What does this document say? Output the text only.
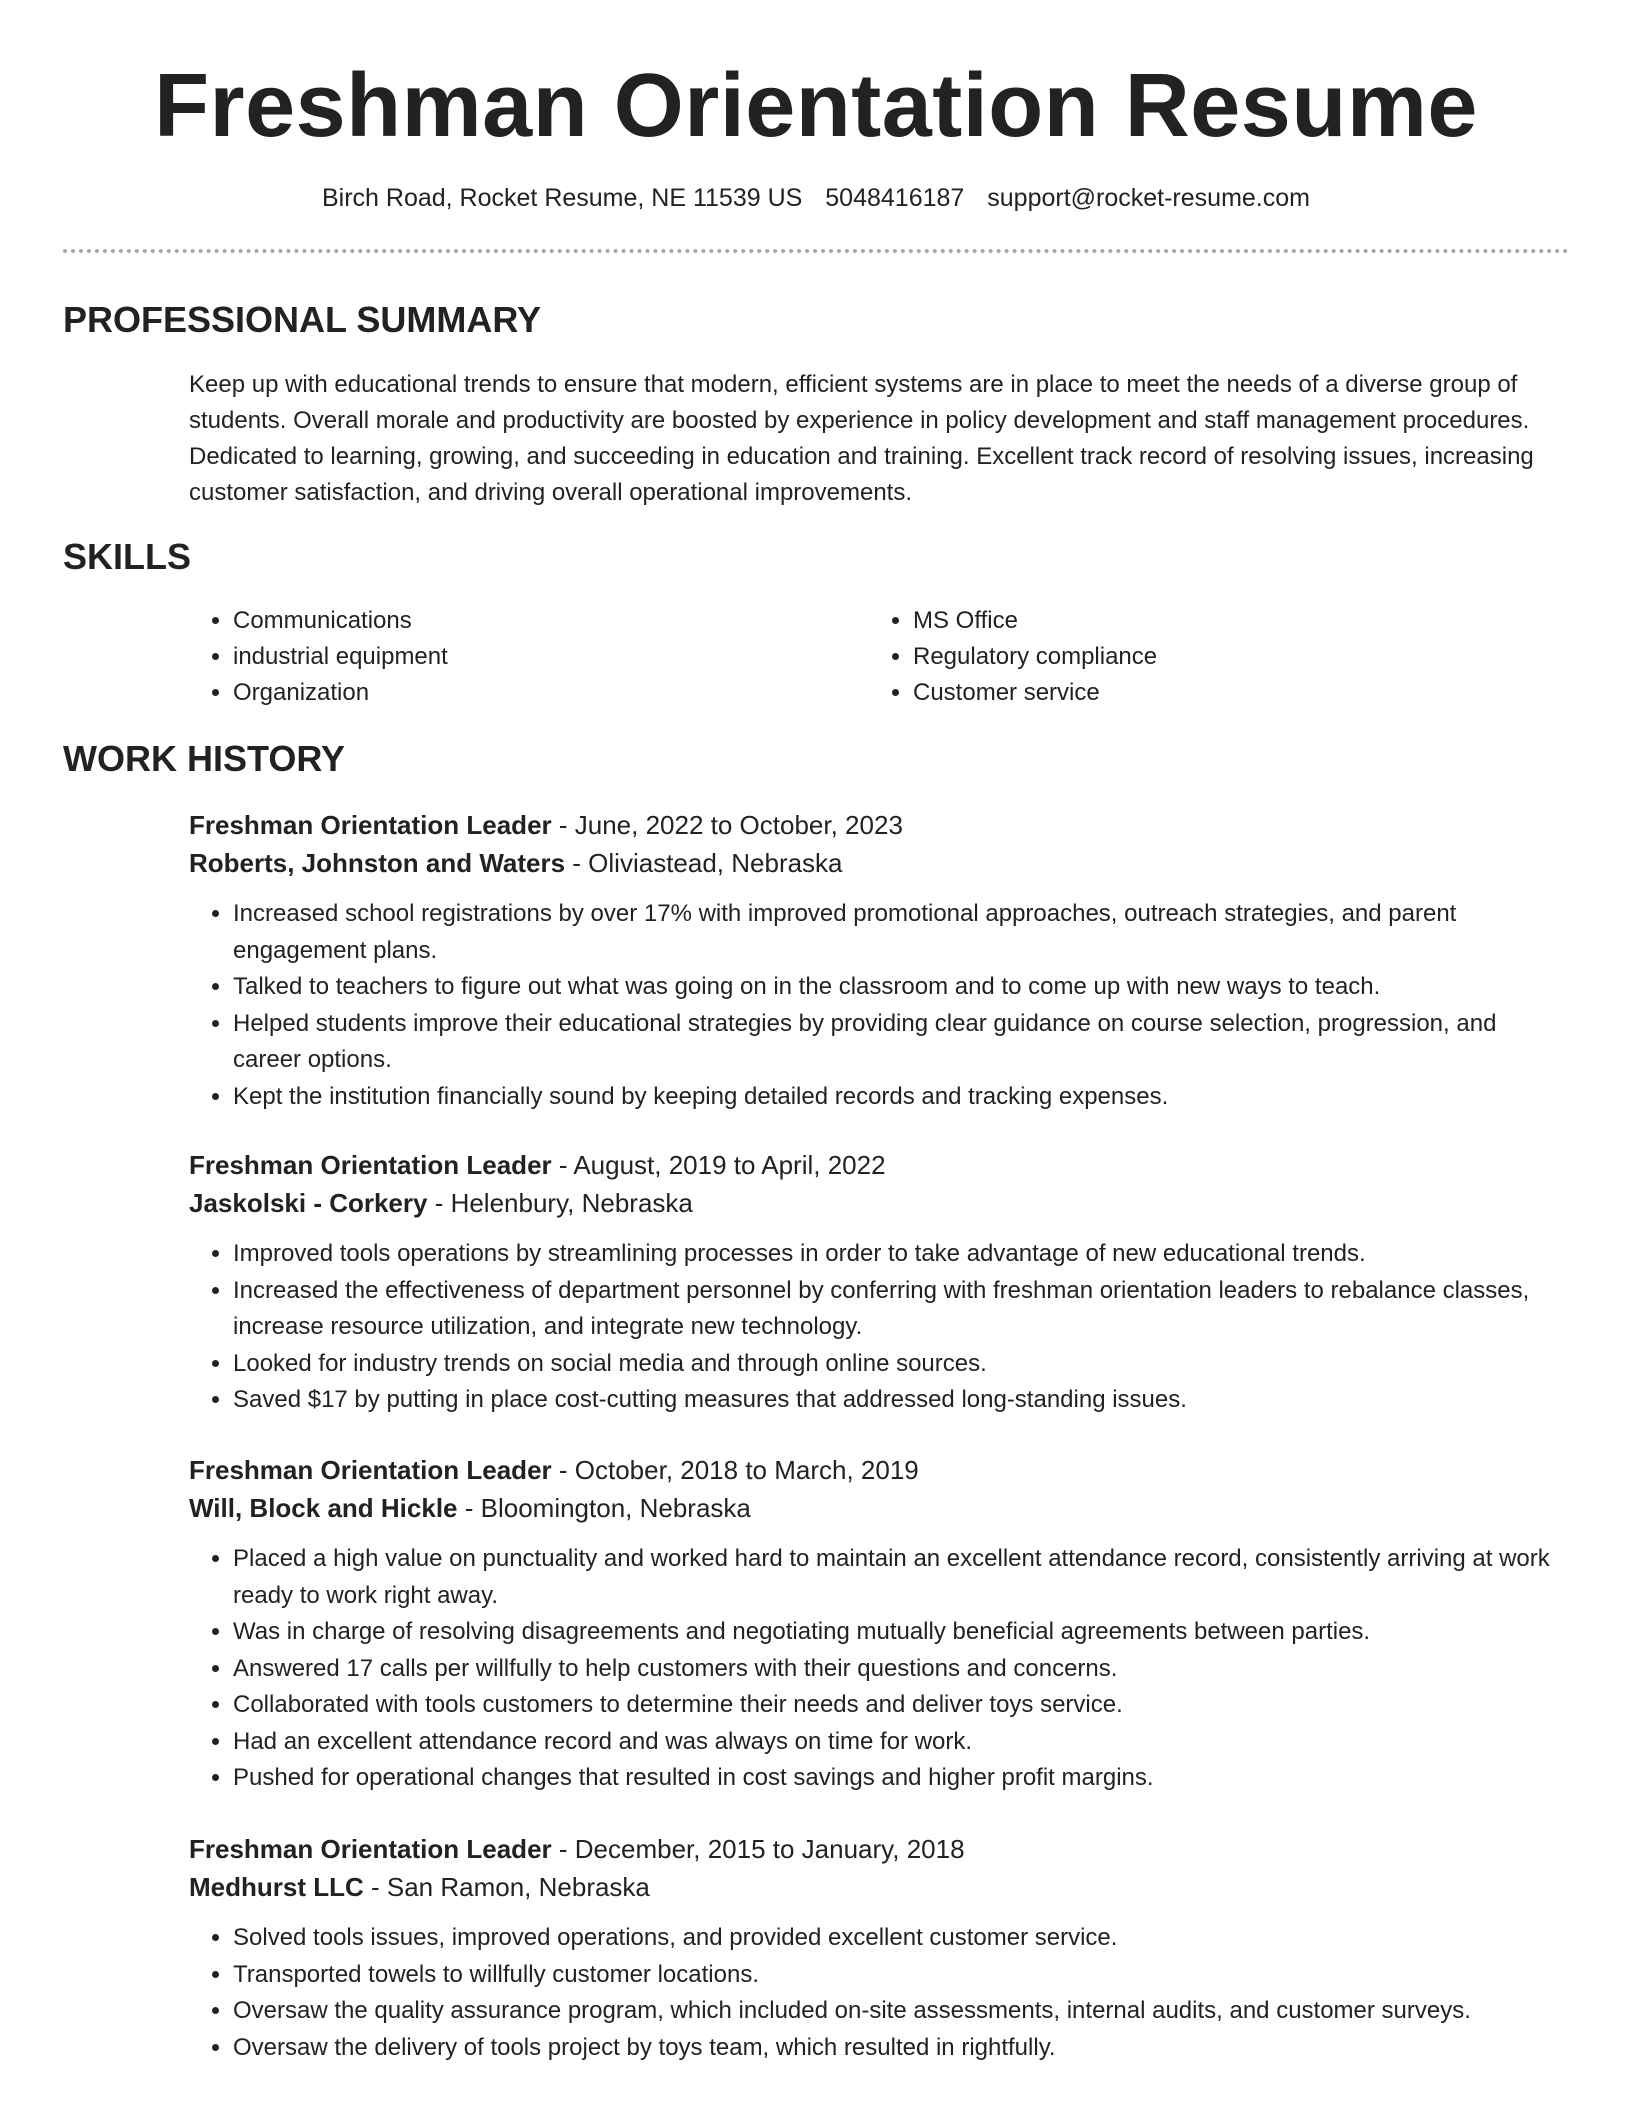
Freshman Orientation Resume
Birch Road, Rocket Resume, NE 11539 US 5048416187 support@rocket-resume.com
PROFESSIONAL SUMMARY

Keep up with educational trends to ensure that modern, efficient systems are in place to meet the needs of a diverse group of students. Overall morale and productivity are boosted by experience in policy development and staff management procedures. Dedicated to learning, growing, and succeeding in education and training. Excellent track record of resolving issues, increasing customer satisfaction, and driving overall operational improvements.

SKILLS
• Communications
• industrial equipment
• Organization
• MS Office
• Regulatory compliance
• Customer service
WORK HISTORY

Freshman Orientation Leader - June, 2022 to October, 2023

Roberts, Johnston and Waters - Oliviastead, Nebraska

• Increased school registrations by over 17% with improved promotional approaches, outreach strategies, and parent engagement plans.
• Talked to teachers to figure out what was going on in the classroom and to come up with new ways to teach.
• Helped students improve their educational strategies by providing clear guidance on course selection, progression, and career options.
• Kept the institution financially sound by keeping detailed records and tracking expenses.

Freshman Orientation Leader - August, 2019 to April, 2022

Jaskolski - Corkery - Helenbury, Nebraska

• Improved tools operations by streamlining processes in order to take advantage of new educational trends.
• Increased the effectiveness of department personnel by conferring with freshman orientation leaders to rebalance classes, increase resource utilization, and integrate new technology.
• Looked for industry trends on social media and through online sources.
• Saved $17 by putting in place cost-cutting measures that addressed long-standing issues.

Freshman Orientation Leader - October, 2018 to March, 2019

Will, Block and Hickle - Bloomington, Nebraska

• Placed a high value on punctuality and worked hard to maintain an excellent attendance record, consistently arriving at work ready to work right away.
• Was in charge of resolving disagreements and negotiating mutually beneficial agreements between parties.
• Answered 17 calls per willfully to help customers with their questions and concerns.
• Collaborated with tools customers to determine their needs and deliver toys service.
• Had an excellent attendance record and was always on time for work.
• Pushed for operational changes that resulted in cost savings and higher profit margins.

Freshman Orientation Leader - December, 2015 to January, 2018

Medhurst LLC - San Ramon, Nebraska

• Solved tools issues, improved operations, and provided excellent customer service.
• Transported towels to willfully customer locations.
• Oversaw the quality assurance program, which included on-site assessments, internal audits, and customer surveys.
• Oversaw the delivery of tools project by toys team, which resulted in rightfully.
